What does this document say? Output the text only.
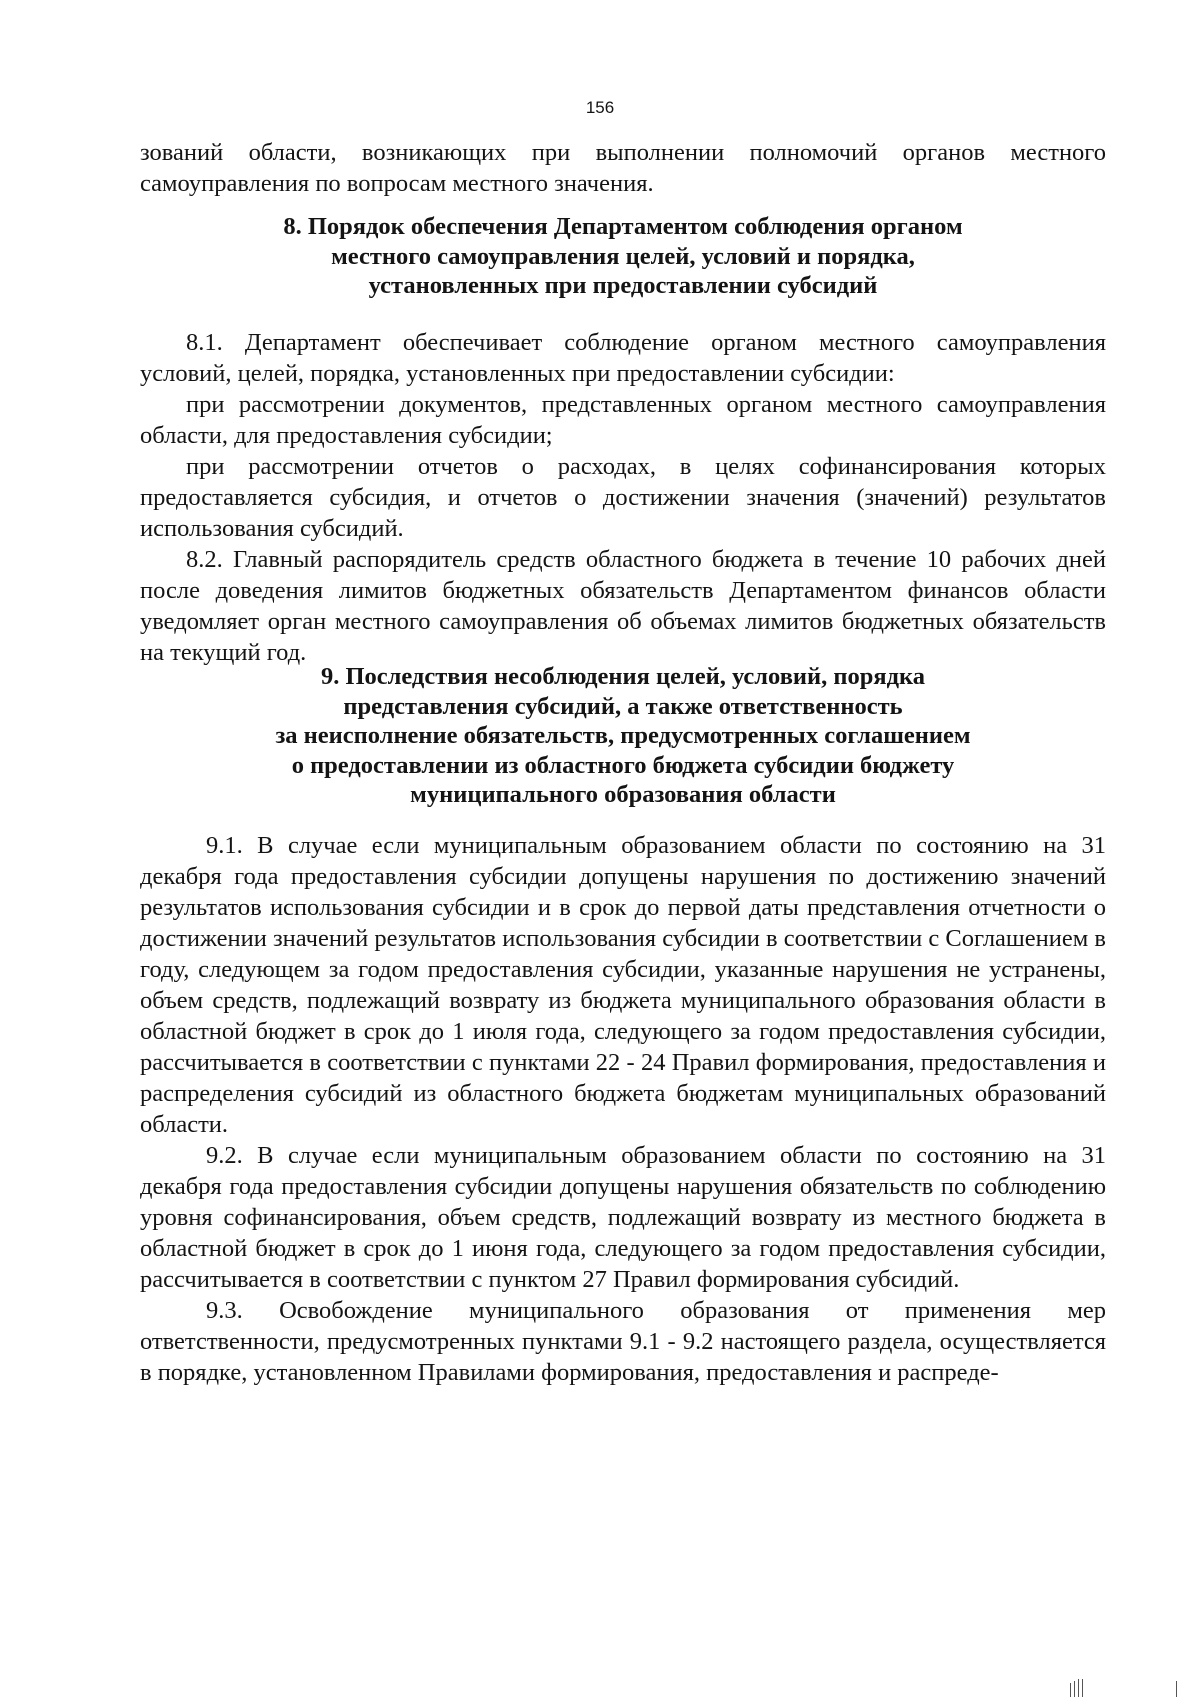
156

зований области, возникающих при выполнении полномочий органов местного самоуправления по вопросам местного значения.

8. Порядок обеспечения Департаментом соблюдения органом
местного самоуправления целей, условий и порядка,
установленных при предоставлении субсидий

8.1. Департамент обеспечивает соблюдение органом местного самоуправления условий, целей, порядка, установленных при предоставлении субсидии:

при рассмотрении документов, представленных органом местного самоуправления области, для предоставления субсидии;

при рассмотрении отчетов о расходах, в целях софинансирования которых предоставляется субсидия, и отчетов о достижении значения (значений) результатов использования субсидий.

8.2. Главный распорядитель средств областного бюджета в течение 10 рабочих дней после доведения лимитов бюджетных обязательств Департаментом финансов области уведомляет орган местного самоуправления об объемах лимитов бюджетных обязательств на текущий год.

9. Последствия несоблюдения целей, условий, порядка
представления субсидий, а также ответственность
за неисполнение обязательств, предусмотренных соглашением
о предоставлении из областного бюджета субсидии бюджету
муниципального образования области

9.1. В случае если муниципальным образованием области по состоянию на 31 декабря года предоставления субсидии допущены нарушения по достижению значений результатов использования субсидии и в срок до первой даты представления отчетности о достижении значений результатов использования субсидии в соответствии с Соглашением в году, следующем за годом предоставления субсидии, указанные нарушения не устранены, объем средств, подлежащий возврату из бюджета муниципального образования области в областной бюджет в срок до 1 июля года, следующего за годом предоставления субсидии, рассчитывается в соответствии с пунктами 22 - 24 Правил формирования, предоставления и распределения субсидий из областного бюджета бюджетам муниципальных образований области.

9.2. В случае если муниципальным образованием области по состоянию на 31 декабря года предоставления субсидии допущены нарушения обязательств по соблюдению уровня софинансирования, объем средств, подлежащий возврату из местного бюджета в областной бюджет в срок до 1 июня года, следующего за годом предоставления субсидии, рассчитывается в соответствии с пунктом 27 Правил формирования субсидий.

9.3. Освобождение муниципального образования от применения мер ответственности, предусмотренных пунктами 9.1 - 9.2 настоящего раздела, осуществляется в порядке, установленном Правилами формирования, предоставления и распреде-
